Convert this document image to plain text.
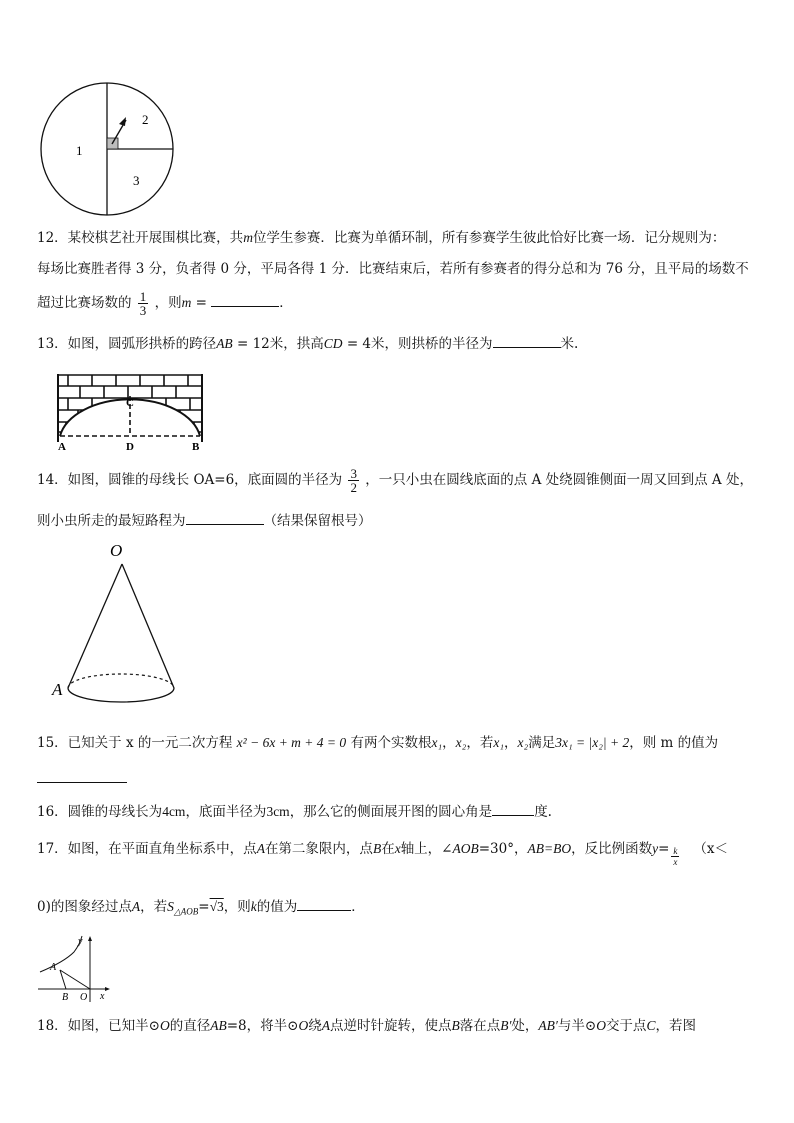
1
2
3
12．某校棋艺社开展围棋比赛，共m位学生参赛．比赛为单循环制，所有参赛学生彼此恰好比赛一场．记分规则为：
每场比赛胜者得 3 分，负者得 0 分，平局各得 1 分．比赛结束后，若所有参赛者的得分总和为 76 分，且平局的场数不
超过比赛场数的 $\frac{1}{3}$ ，则m =	．
13．如图，圆弧形拱桥的跨径AB = 12米，拱高CD = 4米，则拱桥的半径为	米.
C
A	D	B
14．如图，圆锥的母线长 OA=6，底面圆的半径为 $\frac{3}{2}$ ，一只小虫在圆线底面的点 A 处绕圆锥侧面一周又回到点 A 处，
则小虫所走的最短路程为	（结果保留根号）
O
A
15．已知关于 x 的一元二次方程 x² − 6x + m + 4 = 0 有两个实数根x₁，x₂，若x₁，x₂满足3x₁ = |x₂| + 2，则 m 的值为
16．圆锥的母线长为4cm，底面半径为3cm，那么它的侧面展开图的圆心角是	度.
17．如图，在平面直角坐标系中，点A在第二象限内，点B在x轴上，∠AOB=30°，AB=BO，反比例函数$y= \frac{k}{x} (x<$
0)的图象经过点A，若$S_{\triangle AOB}=√3$，则k的值为	．
y
x
A
B O
18．如图，已知半⊙O的直径AB=8，将半⊙O绕A点逆时针旋转，使点B落在点B′处，AB′与半⊙O交于点C，若图
